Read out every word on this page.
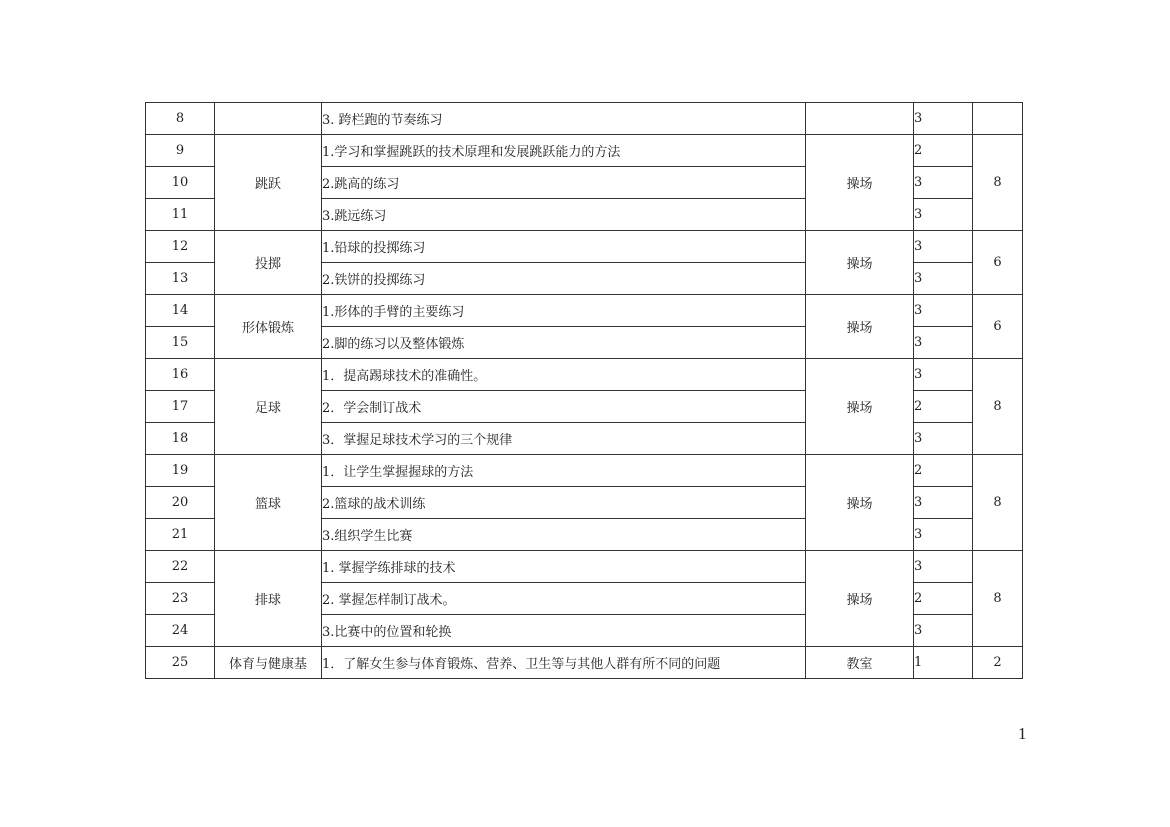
8		3. 跨栏跑的节奏练习		3	
9	跳跃	1.学习和掌握跳跃的技术原理和发展跳跃能力的方法	操场	2	8
10		2.跳高的练习		3	
11		3.跳远练习		3	
12	投掷	1.铅球的投掷练习	操场	3	6
13		2.铁饼的投掷练习		3	
14	形体锻炼	1.形体的手臂的主要练习	操场	3	6
15		2.脚的练习以及整体锻炼		3	
16	足球	1．提高踢球技术的准确性。	操场	3	8
17		2．学会制订战术		2	
18		3．掌握足球技术学习的三个规律		3	
19	篮球	1．让学生掌握握球的方法	操场	2	8
20		2.篮球的战术训练		3	
21		3.组织学生比赛		3	
22	排球	1. 掌握学练排球的技术	操场	3	8
23		2. 掌握怎样制订战术。		2	
24		3.比赛中的位置和轮换		3	
25	体育与健康基	1．了解女生参与体育锻炼、营养、卫生等与其他人群有所不同的问题	教室	1	2
1
